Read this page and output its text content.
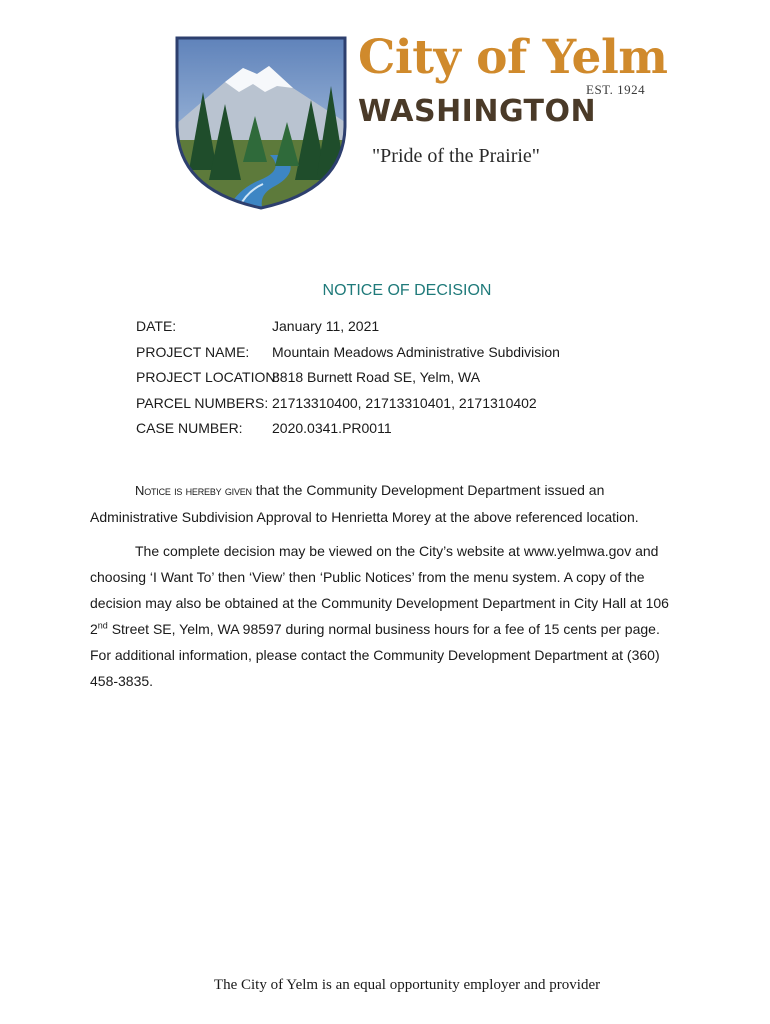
City of Yelm
EST. 1924
WASHINGTON
"Pride of the Prairie"
NOTICE OF DECISION
DATE:	January 11, 2021
PROJECT NAME:	Mountain Meadows Administrative Subdivision
PROJECT LOCATION:
8818 Burnett Road SE, Yelm, WA
PARCEL NUMBERS: 21713310400, 21713310401, 2171310402
CASE NUMBER:	2020.0341.PR0011
Notice is hereby given that the Community Development Department issued an Administrative Subdivision Approval to Henrietta Morey at the above referenced location.
The complete decision may be viewed on the City’s website at www.yelmwa.gov and choosing ‘I Want To’ then ‘View’ then ‘Public Notices’ from the menu system. A copy of the decision may also be obtained at the Community Development Department in City Hall at 106 2nd Street SE, Yelm, WA 98597 during normal business hours for a fee of 15 cents per page. For additional information, please contact the Community Development Department at (360) 458-3835.
The City of Yelm is an equal opportunity employer and provider
